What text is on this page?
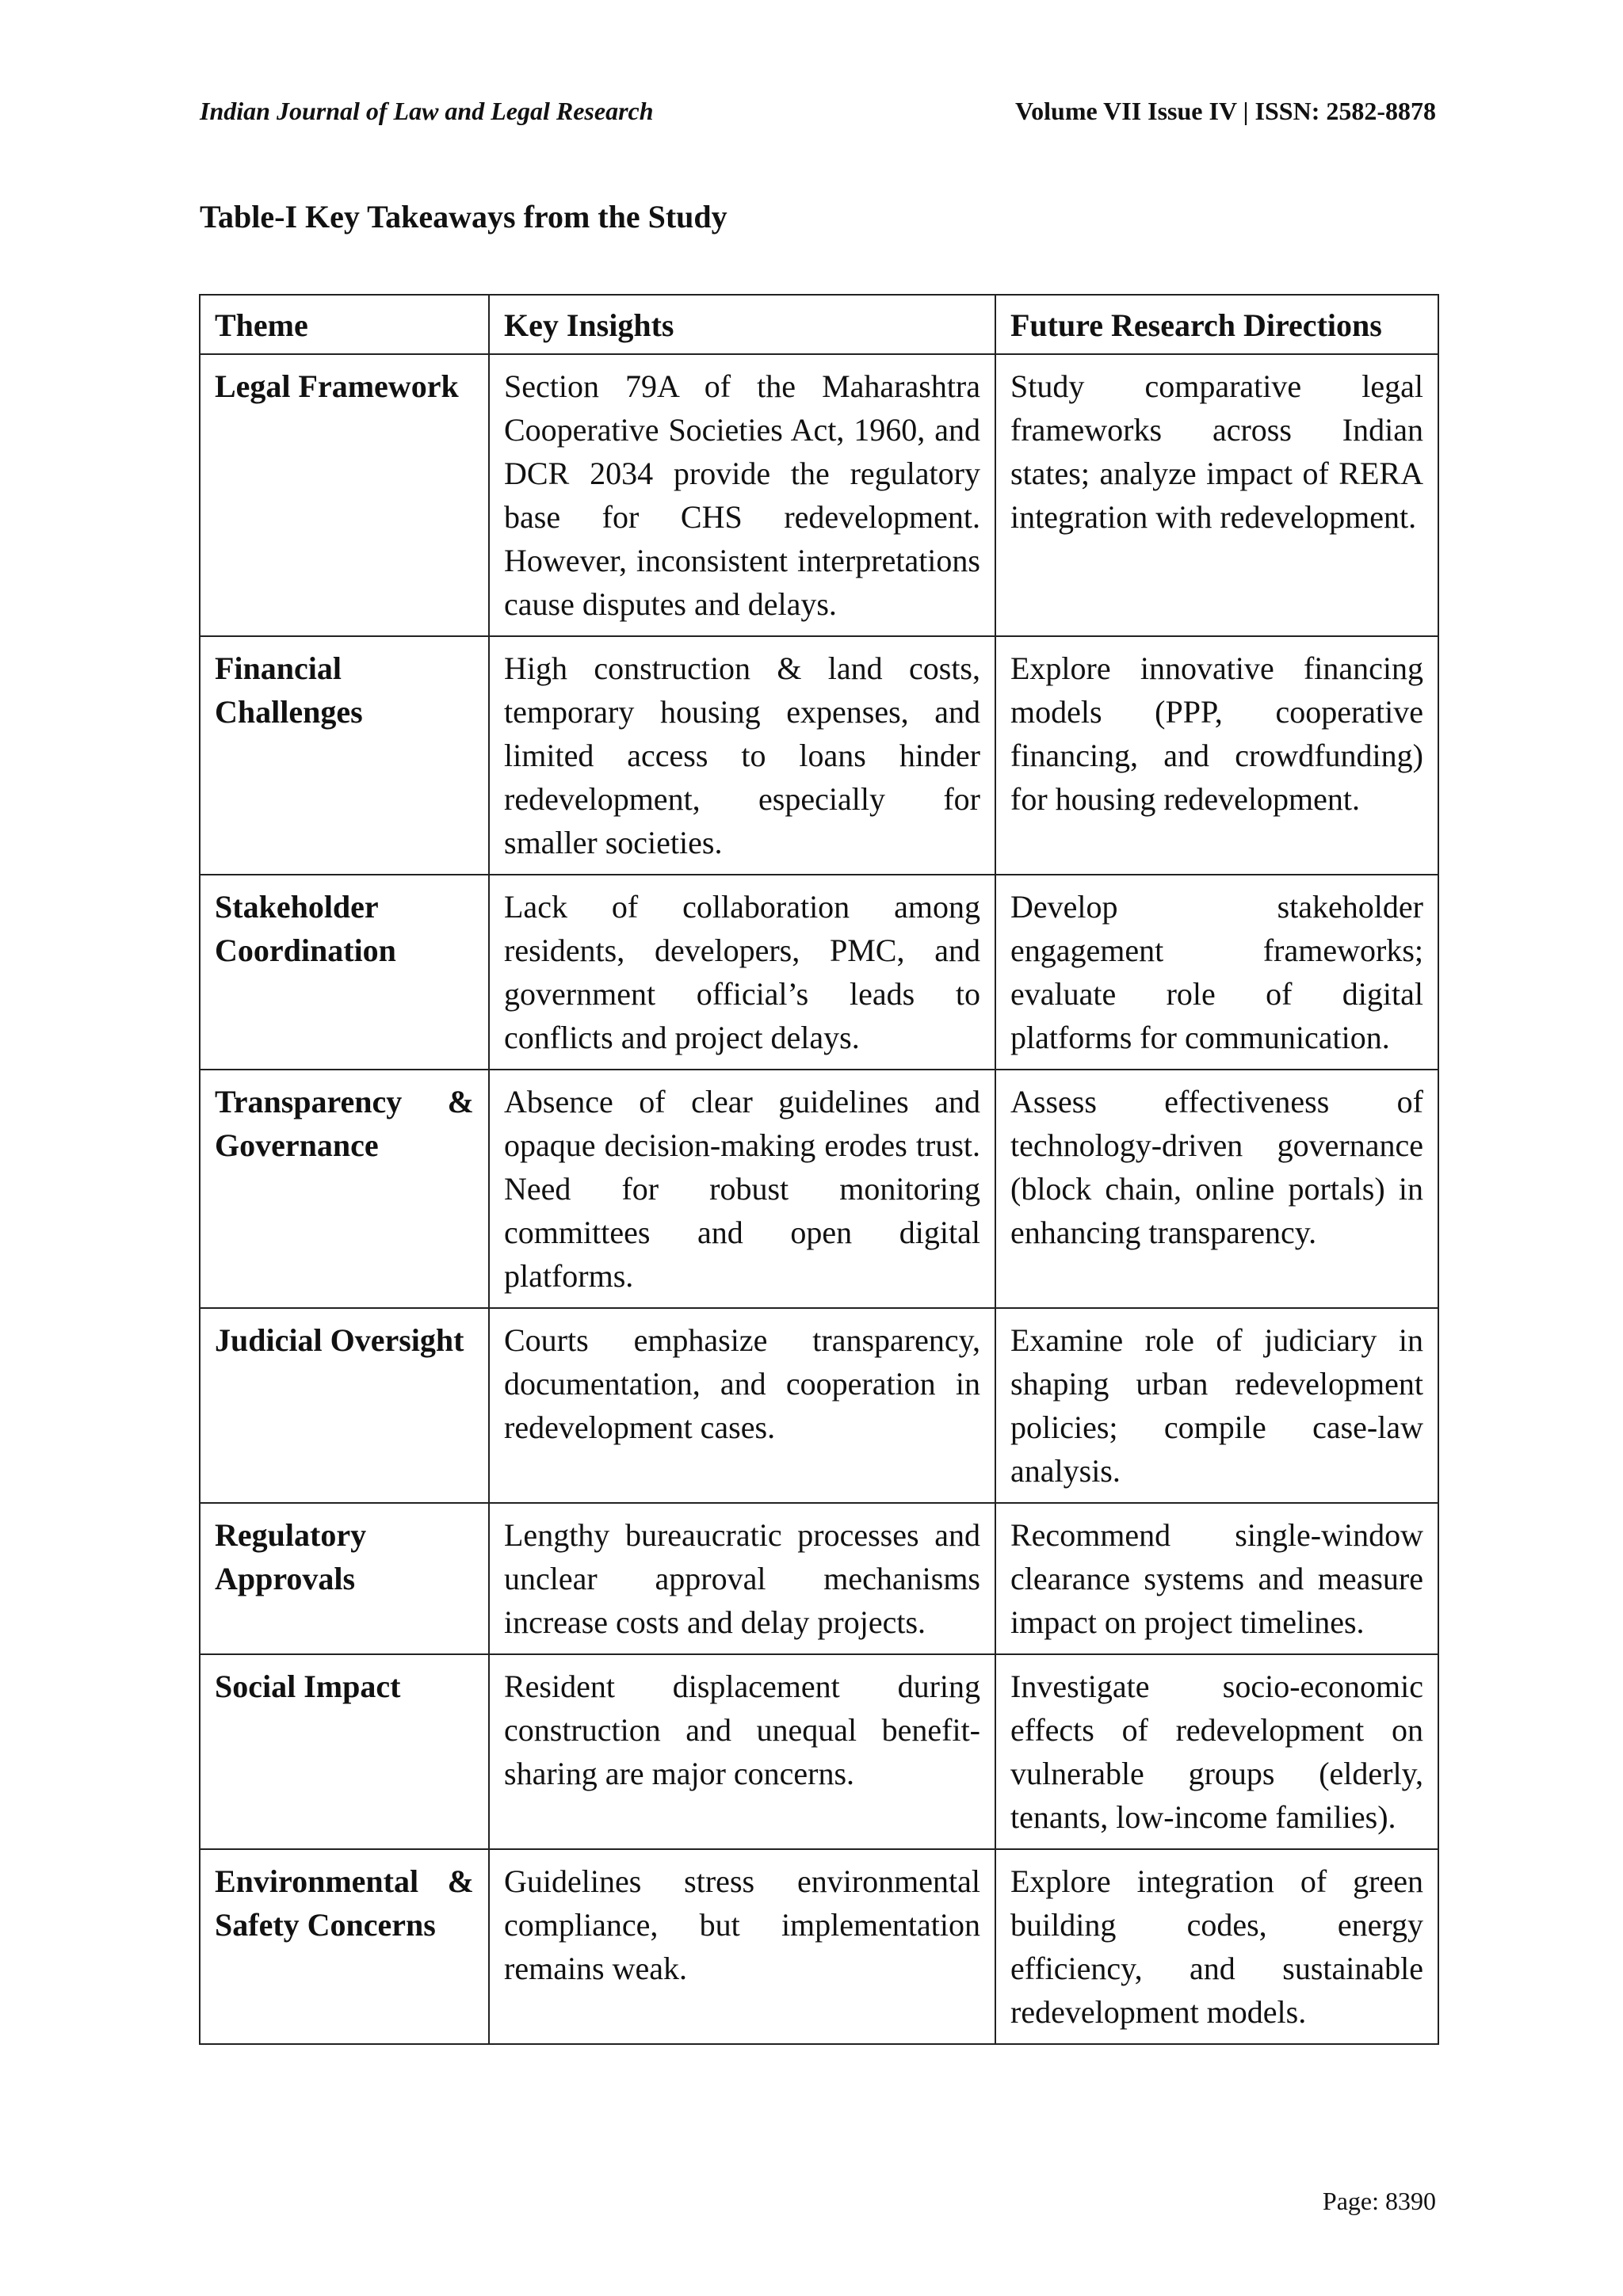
Indian Journal of Law and Legal Research	Volume VII Issue IV | ISSN: 2582-8878
Table-I Key Takeaways from the Study
Theme	Key Insights	Future Research Directions
Legal Framework	Section 79A of the Maharashtra Cooperative Societies Act, 1960, and DCR 2034 provide the regulatory base for CHS redevelopment. However, inconsistent interpretations cause disputes and delays.	Study comparative legal frameworks across Indian states; analyze impact of RERA integration with redevelopment.
Financial Challenges	High construction & land costs, temporary housing expenses, and limited access to loans hinder redevelopment, especially for smaller societies.	Explore innovative financing models (PPP, cooperative financing, and crowdfunding) for housing redevelopment.
Stakeholder Coordination	Lack of collaboration among residents, developers, PMC, and government official’s leads to conflicts and project delays.	Develop stakeholder engagement frameworks; evaluate role of digital platforms for communication.
Transparency & Governance	Absence of clear guidelines and opaque decision-making erodes trust. Need for robust monitoring committees and open digital platforms.	Assess effectiveness of technology-driven governance (block chain, online portals) in enhancing transparency.
Judicial Oversight	Courts emphasize transparency, documentation, and cooperation in redevelopment cases.	Examine role of judiciary in shaping urban redevelopment policies; compile case-law analysis.
Regulatory Approvals	Lengthy bureaucratic processes and unclear approval mechanisms increase costs and delay projects.	Recommend single-window clearance systems and measure impact on project timelines.
Social Impact	Resident displacement during construction and unequal benefit-sharing are major concerns.	Investigate socio-economic effects of redevelopment on vulnerable groups (elderly, tenants, low-income families).
Environmental & Safety Concerns	Guidelines stress environmental compliance, but implementation remains weak.	Explore integration of green building codes, energy efficiency, and sustainable redevelopment models.
Page: 8390
